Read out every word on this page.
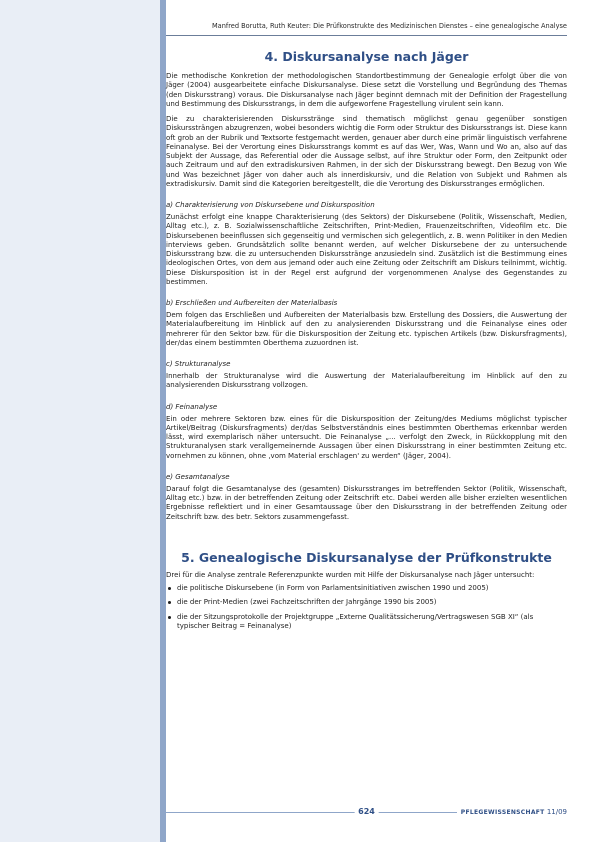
Manfred Borutta, Ruth Keuter: Die Prüfkonstrukte des Medizinischen Dienstes – eine genealogische Analyse
4. Diskursanalyse nach Jäger

Die methodische Konkretion der methodologischen Standortbestimmung der Genealogie erfolgt über die von Jäger (2004) ausgearbeitete einfache Diskursanalyse. Diese setzt die Vorstellung und Begründung des Themas (den Diskursstrang) voraus. Die Diskursanalyse nach Jäger beginnt demnach mit der Definition der Fragestellung und Bestimmung des Diskursstrangs, in dem die aufgeworfene Fragestellung virulent sein kann.

Die zu charakterisierenden Diskursstränge sind thematisch möglichst genau gegenüber sonstigen Diskurssträngen abzugrenzen, wobei besonders wichtig die Form oder Struktur des Diskursstrangs ist. Diese kann oft grob an der Rubrik und Textsorte festgemacht werden, genauer aber durch eine primär linguistisch verfahrene Feinanalyse. Bei der Verortung eines Diskursstrangs kommt es auf das Wer, Was, Wann und Wo an, also auf das Subjekt der Aussage, das Referential oder die Aussage selbst, auf ihre Struktur oder Form, den Zeitpunkt oder auch Zeitraum und auf den extradiskursiven Rahmen, in der sich der Diskursstrang bewegt. Den Bezug von Wie und Was bezeichnet Jäger von daher auch als innerdiskursiv, und die Relation von Subjekt und Rahmen als extradiskursiv. Damit sind die Kategorien bereitgestellt, die die Verortung des Diskursstranges ermöglichen.

a) Charakterisierung von Diskursebene und Diskursposition

Zunächst erfolgt eine knappe Charakterisierung (des Sektors) der Diskursebene (Politik, Wissenschaft, Medien, Alltag etc.), z. B. Sozialwissenschaftliche Zeitschriften, Print-Medien, Frauenzeitschriften, Videofilm etc. Die Diskursebenen beeinflussen sich gegenseitig und vermischen sich gelegentlich, z. B. wenn Politiker in den Medien interviews geben. Grundsätzlich sollte benannt werden, auf welcher Diskursebene der zu untersuchende Diskursstrang bzw. die zu untersuchenden Diskursstränge anzusiedeln sind. Zusätzlich ist die Bestimmung eines ideologischen Ortes, von dem aus jemand oder auch eine Zeitung oder Zeitschrift am Diskurs teilnimmt, wichtig. Diese Diskursposition ist in der Regel erst aufgrund der vorgenommenen Analyse des Gegenstandes zu bestimmen.

b) Erschließen und Aufbereiten der Materialbasis

Dem folgen das Erschließen und Aufbereiten der Materialbasis bzw. Erstellung des Dossiers, die Auswertung der Materialaufbereitung im Hinblick auf den zu analysierenden Diskursstrang und die Feinanalyse eines oder mehrerer für den Sektor bzw. für die Diskursposition der Zeitung etc. typischen Artikels (bzw. Diskursfragments), der/das einem bestimmten Oberthema zuzuordnen ist.

c) Strukturanalyse

Innerhalb der Strukturanalyse wird die Auswertung der Materialaufbereitung im Hinblick auf den zu analysierenden Diskursstrang vollzogen.

d) Feinanalyse

Ein oder mehrere Sektoren bzw. eines für die Diskursposition der Zeitung/des Mediums möglichst typischer Artikel/Beitrag (Diskursfragments) der/das Selbstverständnis eines bestimmten Oberthemas erkennbar werden lässt, wird exemplarisch näher untersucht. Die Feinanalyse „... verfolgt den Zweck, in Rückkopplung mit den Strukturanalysen stark verallgemeinernde Aussagen über einen Diskursstrang in einer bestimmten Zeitung etc. vornehmen zu können, ohne ‚vom Material erschlagen' zu werden“ (Jäger, 2004).

e) Gesamtanalyse

Darauf folgt die Gesamtanalyse des (gesamten) Diskursstranges im betreffenden Sektor (Politik, Wissenschaft, Alltag etc.) bzw. in der betreffenden Zeitung oder Zeitschrift etc. Dabei werden alle bisher erzielten wesentlichen Ergebnisse reflektiert und in einer Gesamtaussage über den Diskursstrang in der betreffenden Zeitung oder Zeitschrift bzw. des betr. Sektors zusammengefasst.

5. Genealogische Diskursanalyse der Prüfkonstrukte

Drei für die Analyse zentrale Referenzpunkte wurden mit Hilfe der Diskursanalyse nach Jäger untersucht:

die politische Diskursebene (in Form von Parlamentsinitiativen zwischen 1990 und 2005)
die der Print-Medien (zwei Fachzeitschriften der Jahrgänge 1990 bis 2005)
die der Sitzungsprotokolle der Projektgruppe „Externe Qualitätssicherung/Vertragswesen SGB XI“ (als typischer Beitrag = Feinanalyse)
624	PFLEGEWISSENSCHAFT 11/09
